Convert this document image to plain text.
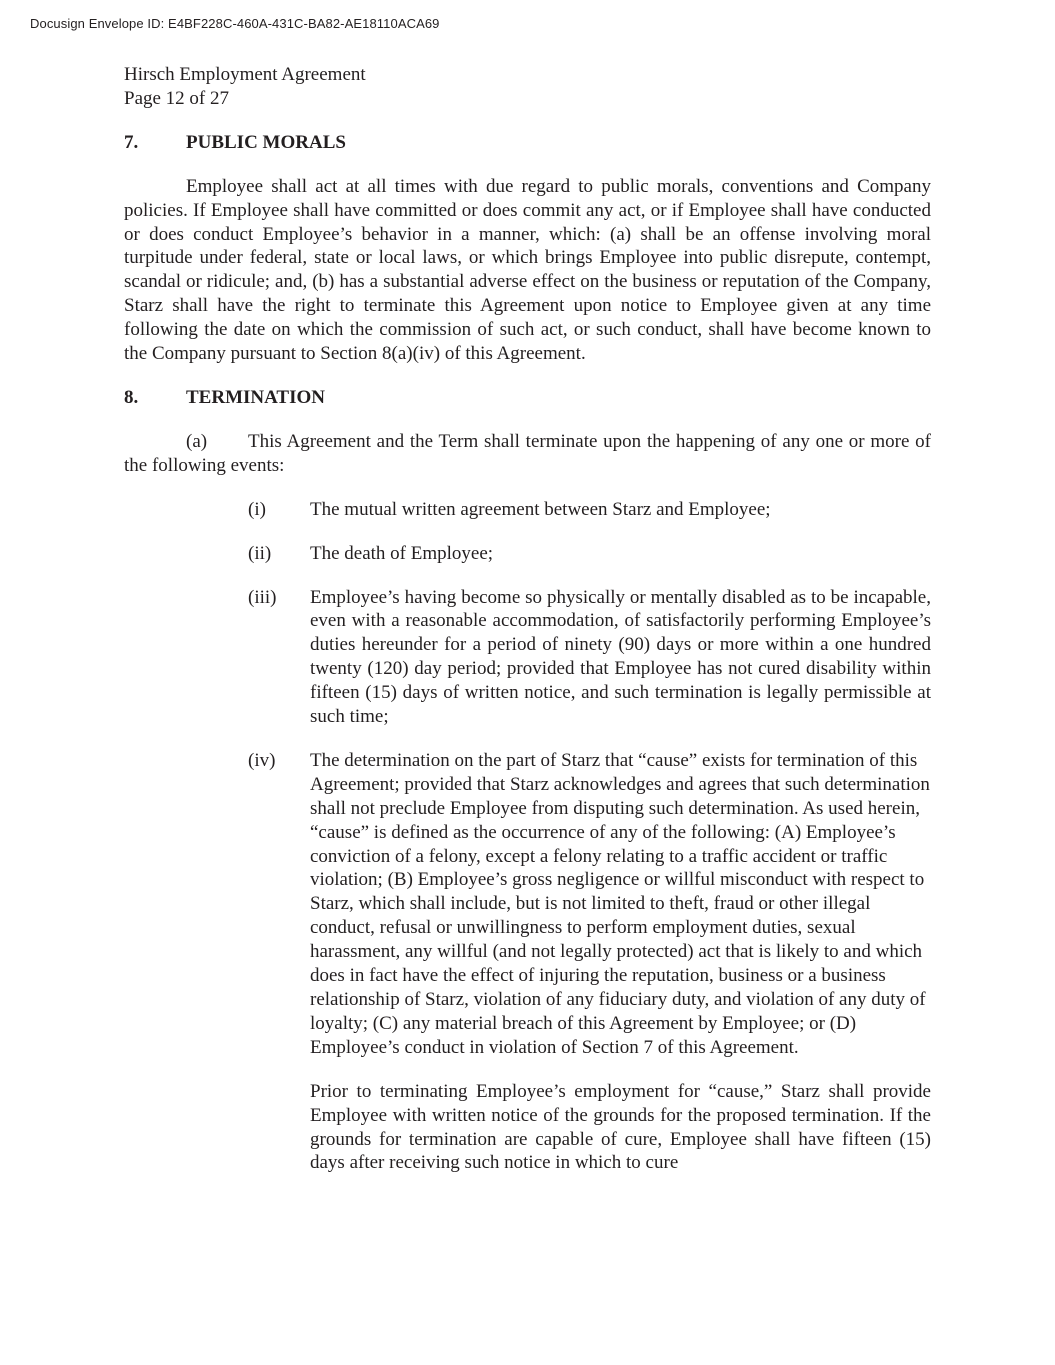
Docusign Envelope ID: E4BF228C-460A-431C-BA82-AE18110ACA69
Hirsch Employment Agreement
Page 12 of 27
7.	PUBLIC MORALS
Employee shall act at all times with due regard to public morals, conventions and Company policies. If Employee shall have committed or does commit any act, or if Employee shall have conducted or does conduct Employee’s behavior in a manner, which: (a) shall be an offense involving moral turpitude under federal, state or local laws, or which brings Employee into public disrepute, contempt, scandal or ridicule; and, (b) has a substantial adverse effect on the business or reputation of the Company, Starz shall have the right to terminate this Agreement upon notice to Employee given at any time following the date on which the commission of such act, or such conduct, shall have become known to the Company pursuant to Section 8(a)(iv) of this Agreement.
8.	TERMINATION
(a) This Agreement and the Term shall terminate upon the happening of any one or more of the following events:
(i)	The mutual written agreement between Starz and Employee;
(ii)	The death of Employee;
(iii)	Employee’s having become so physically or mentally disabled as to be incapable, even with a reasonable accommodation, of satisfactorily performing Employee’s duties hereunder for a period of ninety (90) days or more within a one hundred twenty (120) day period; provided that Employee has not cured disability within fifteen (15) days of written notice, and such termination is legally permissible at such time;
(iv)	The determination on the part of Starz that “cause” exists for termination of this Agreement; provided that Starz acknowledges and agrees that such determination shall not preclude Employee from disputing such determination. As used herein, “cause” is defined as the occurrence of any of the following: (A) Employee’s conviction of a felony, except a felony relating to a traffic accident or traffic violation; (B) Employee’s gross negligence or willful misconduct with respect to Starz, which shall include, but is not limited to theft, fraud or other illegal conduct, refusal or unwillingness to perform employment duties, sexual harassment, any willful (and not legally protected) act that is likely to and which does in fact have the effect of injuring the reputation, business or a business relationship of Starz, violation of any fiduciary duty, and violation of any duty of loyalty; (C) any material breach of this Agreement by Employee; or (D) Employee’s conduct in violation of Section 7 of this Agreement.
Prior to terminating Employee’s employment for “cause,” Starz shall provide Employee with written notice of the grounds for the proposed termination. If the grounds for termination are capable of cure, Employee shall have fifteen (15) days after receiving such notice in which to cure
